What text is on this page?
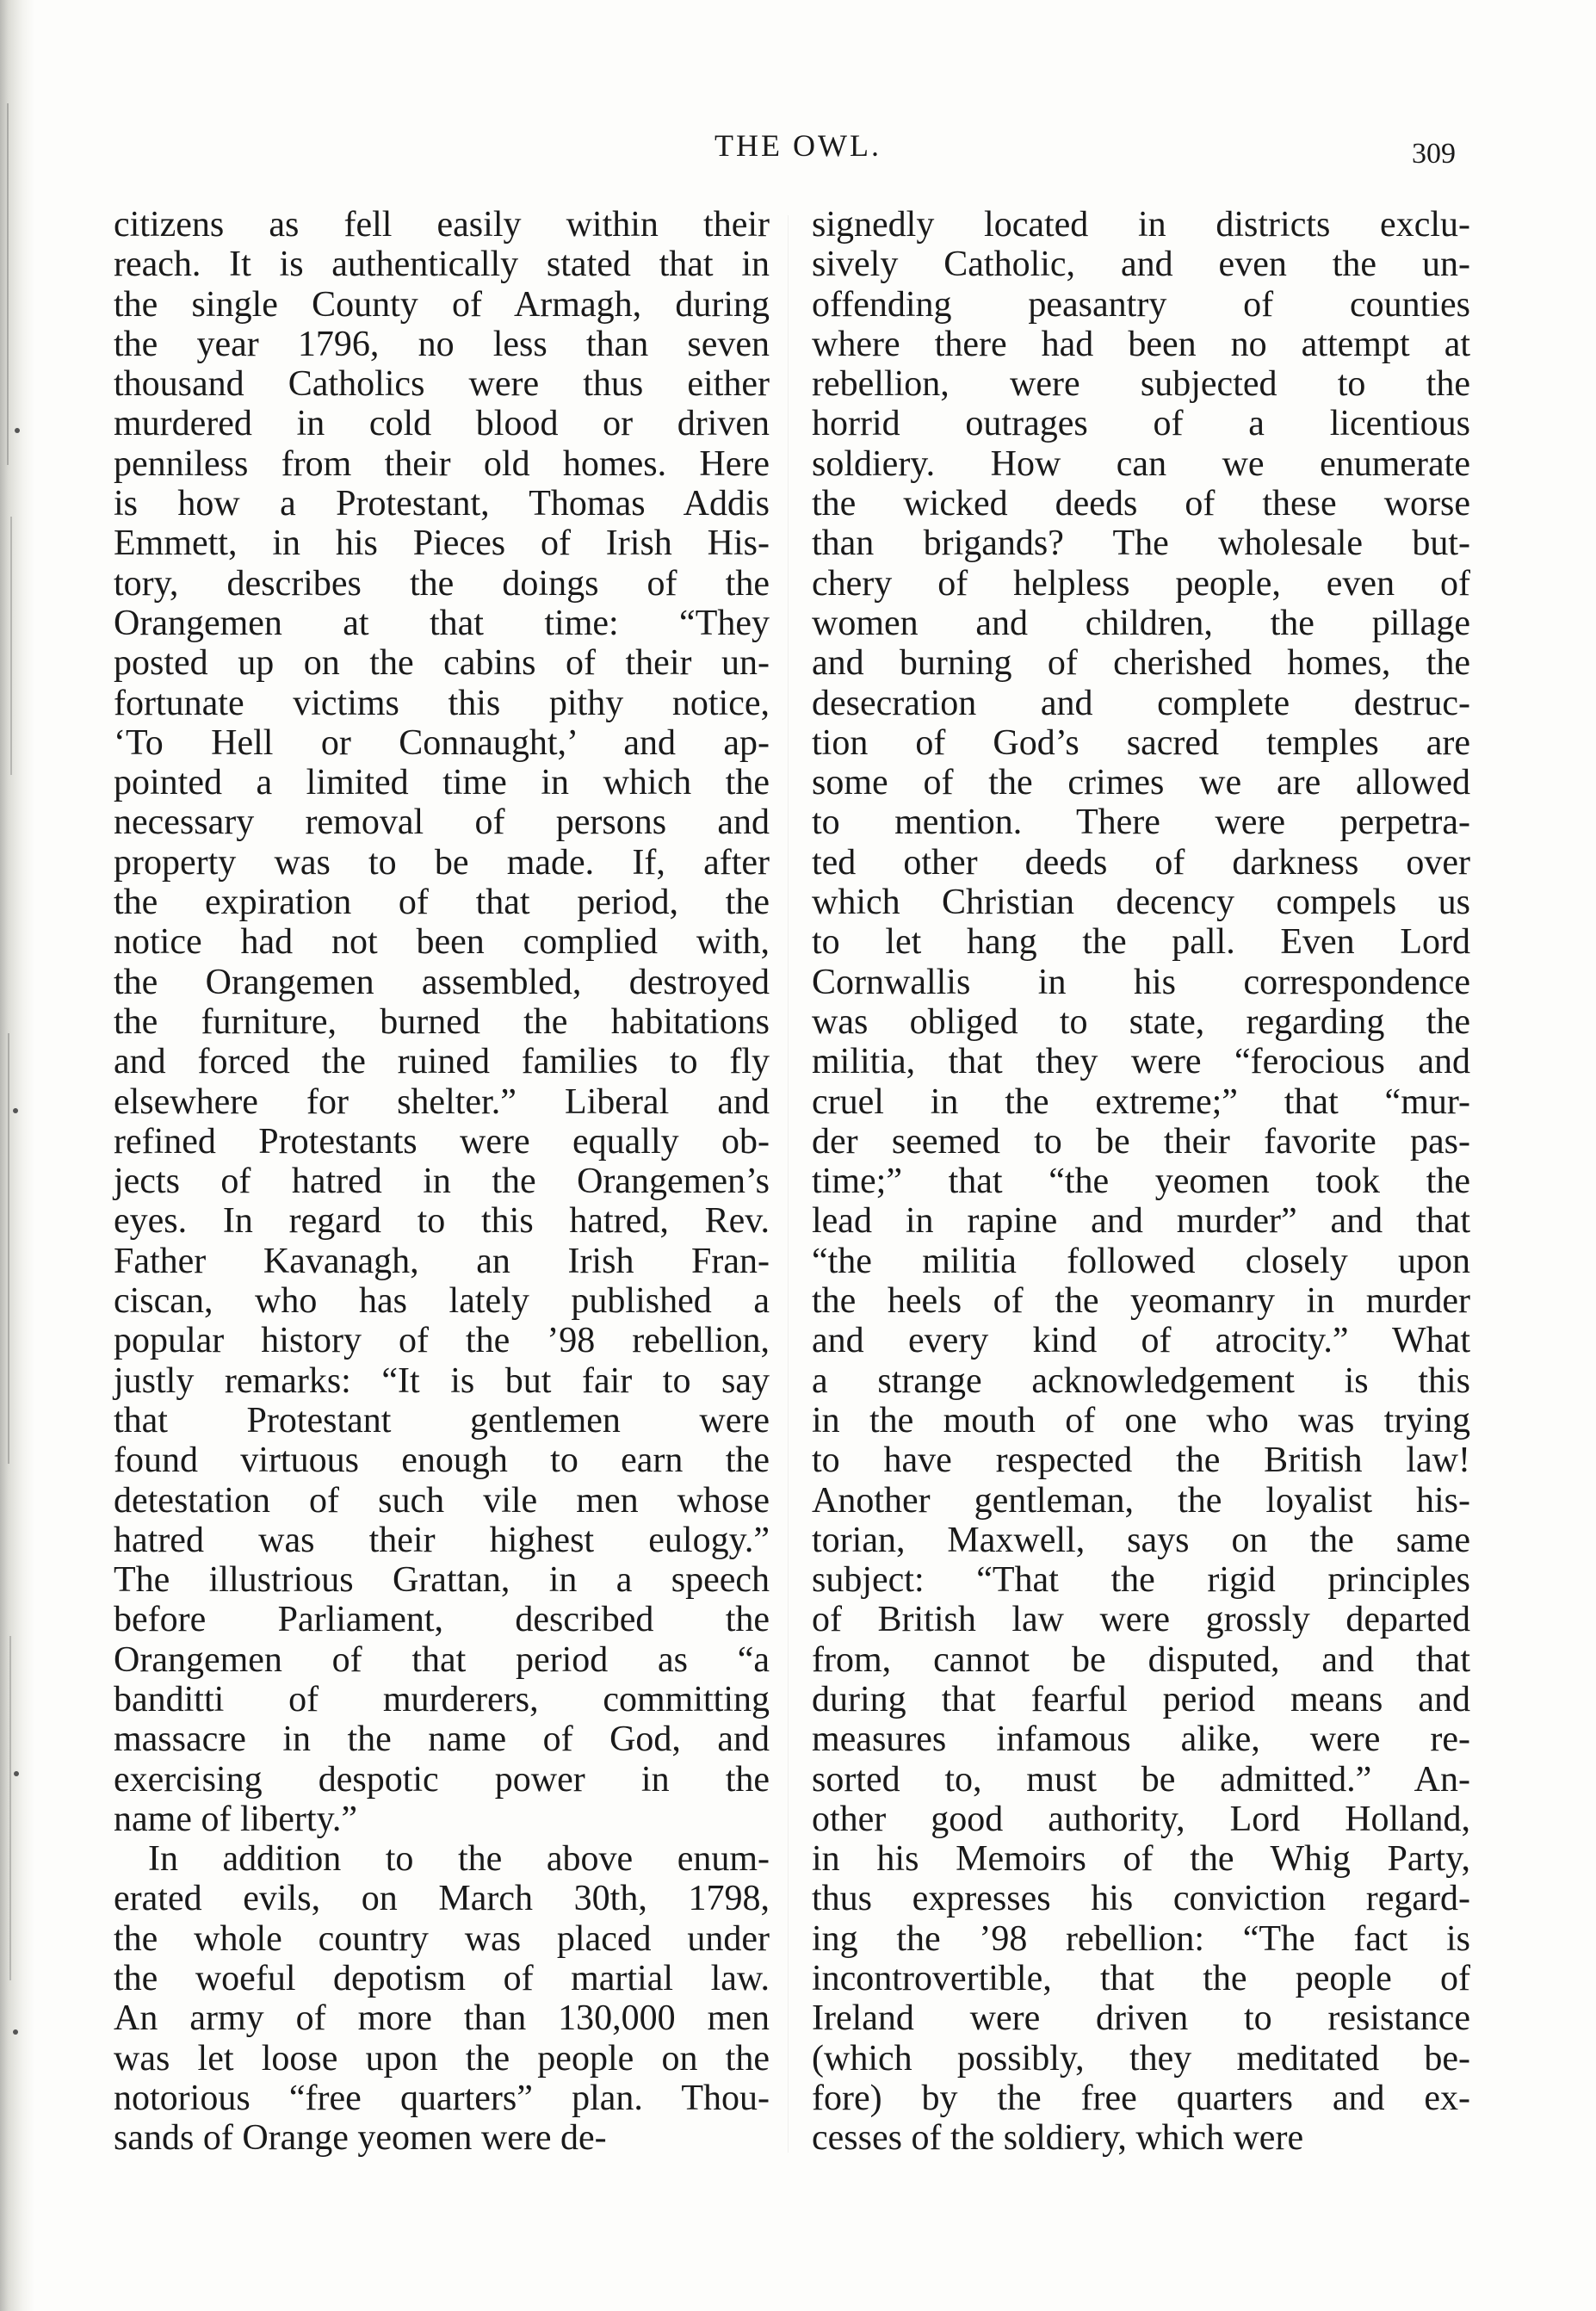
THE OWL.	309
citizens as fell easily within their
reach. It is authentically stated that in
the single County of Armagh, during
the year 1796, no less than seven
thousand Catholics were thus either
murdered in cold blood or driven
penniless from their old homes. Here
is how a Protestant, Thomas Addis
Emmett, in his Pieces of Irish His-
tory, describes the doings of the
Orangemen at that time: “They
posted up on the cabins of their un-
fortunate victims this pithy notice,
‘To Hell or Connaught,’ and ap-
pointed a limited time in which the
necessary removal of persons and
property was to be made. If, after
the expiration of that period, the
notice had not been complied with,
the Orangemen assembled, destroyed
the furniture, burned the habitations
and forced the ruined families to fly
elsewhere for shelter.” Liberal and
refined Protestants were equally ob-
jects of hatred in the Orangemen’s
eyes. In regard to this hatred, Rev.
Father Kavanagh, an Irish Fran-
ciscan, who has lately published a
popular history of the ’98 rebellion,
justly remarks: “It is but fair to say
that Protestant gentlemen were
found virtuous enough to earn the
detestation of such vile men whose
hatred was their highest eulogy.”
The illustrious Grattan, in a speech
before Parliament, described the
Orangemen of that period as “a
banditti of murderers, committing
massacre in the name of God, and
exercising despotic power in the
name of liberty.”
In addition to the above enum-
erated evils, on March 30th, 1798,
the whole country was placed under
the woeful depotism of martial law.
An army of more than 130,000 men
was let loose upon the people on the
notorious “free quarters” plan. Thou-
sands of Orange yeomen were de-
signedly located in districts exclu-
sively Catholic, and even the un-
offending peasantry of counties
where there had been no attempt at
rebellion, were subjected to the
horrid outrages of a licentious
soldiery. How can we enumerate
the wicked deeds of these worse
than brigands? The wholesale but-
chery of helpless people, even of
women and children, the pillage
and burning of cherished homes, the
desecration and complete destruc-
tion of God’s sacred temples are
some of the crimes we are allowed
to mention. There were perpetra-
ted other deeds of darkness over
which Christian decency compels us
to let hang the pall. Even Lord
Cornwallis in his correspondence
was obliged to state, regarding the
militia, that they were “ferocious and
cruel in the extreme;” that “mur-
der seemed to be their favorite pas-
time;” that “the yeomen took the
lead in rapine and murder” and that
“the militia followed closely upon
the heels of the yeomanry in murder
and every kind of atrocity.” What
a strange acknowledgement is this
in the mouth of one who was trying
to have respected the British law!
Another gentleman, the loyalist his-
torian, Maxwell, says on the same
subject: “That the rigid principles
of British law were grossly departed
from, cannot be disputed, and that
during that fearful period means and
measures infamous alike, were re-
sorted to, must be admitted.” An-
other good authority, Lord Holland,
in his Memoirs of the Whig Party,
thus expresses his conviction regard-
ing the ’98 rebellion: “The fact is
incontrovertible, that the people of
Ireland were driven to resistance
(which possibly, they meditated be-
fore) by the free quarters and ex-
cesses of the soldiery, which were
